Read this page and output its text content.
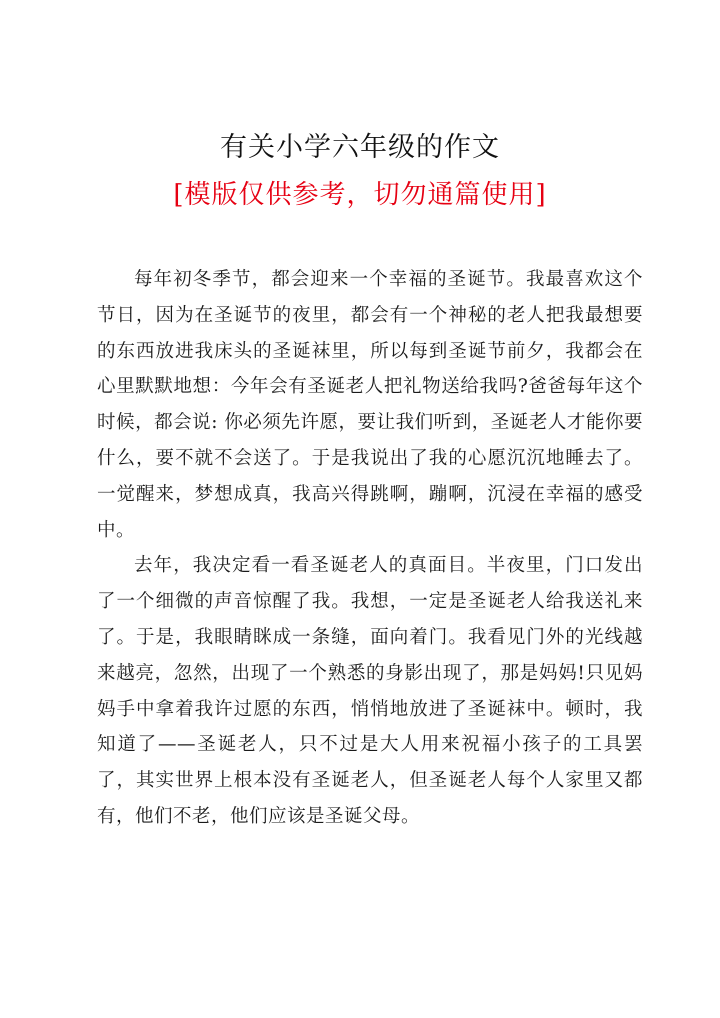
有关小学六年级的作文
[模版仅供参考，切勿通篇使用]

每年初冬季节，都会迎来一个幸福的圣诞节。我最喜欢这个节日，因为在圣诞节的夜里，都会有一个神秘的老人把我最想要的东西放进我床头的圣诞袜里，所以每到圣诞节前夕，我都会在心里默默地想：今年会有圣诞老人把礼物送给我吗?爸爸每年这个时候，都会说: 你必须先许愿，要让我们听到，圣诞老人才能你要什么，要不就不会送了。于是我说出了我的心愿沉沉地睡去了。一觉醒来，梦想成真，我高兴得跳啊，蹦啊，沉浸在幸福的感受中。

去年，我决定看一看圣诞老人的真面目。半夜里，门口发出了一个细微的声音惊醒了我。我想，一定是圣诞老人给我送礼来了。于是，我眼睛眯成一条缝，面向着门。我看见门外的光线越来越亮，忽然，出现了一个熟悉的身影出现了，那是妈妈!只见妈妈手中拿着我许过愿的东西，悄悄地放进了圣诞袜中。顿时，我知道了——圣诞老人，只不过是大人用来祝福小孩子的工具罢了，其实世界上根本没有圣诞老人，但圣诞老人每个人家里又都有，他们不老，他们应该是圣诞父母。
